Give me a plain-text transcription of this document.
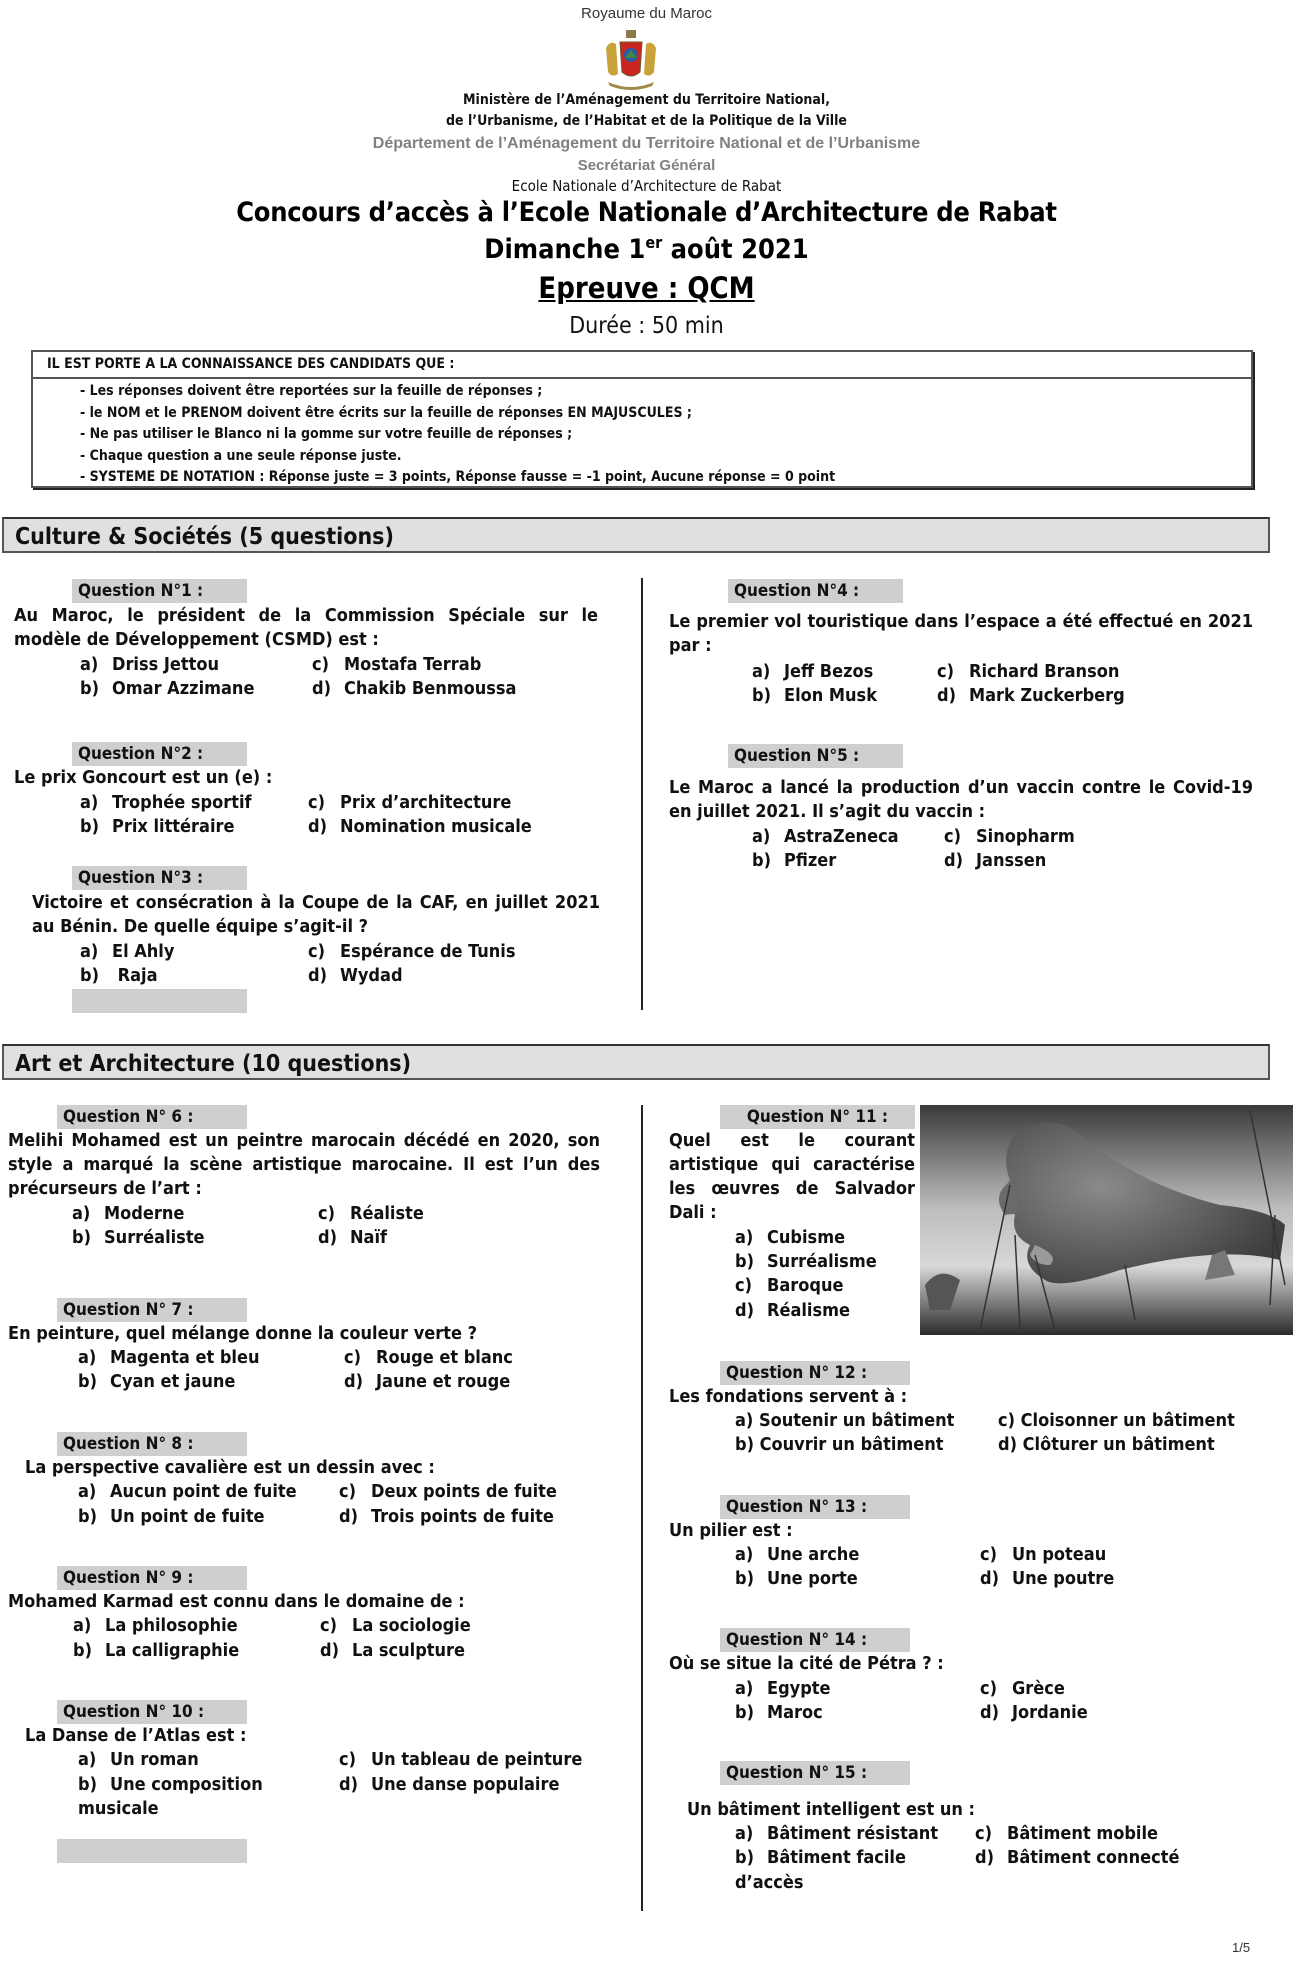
Royaume du Maroc
Ministère de l’Aménagement du Territoire National,
de l’Urbanisme, de l’Habitat et de la Politique de la Ville
Département de l’Aménagement du Territoire National et de l’Urbanisme
Secrétariat Général
Ecole Nationale d’Architecture de Rabat
Concours d’accès à l’Ecole Nationale d’Architecture de Rabat
Dimanche 1er août 2021
Epreuve : QCM
Durée : 50 min
IL EST PORTE A LA CONNAISSANCE DES CANDIDATS QUE :
- Les réponses doivent être reportées sur la feuille de réponses ;
- le NOM et le PRENOM doivent être écrits sur la feuille de réponses EN MAJUSCULES ;
- Ne pas utiliser le Blanco ni la gomme sur votre feuille de réponses ;
- Chaque question a une seule réponse juste.
- SYSTEME DE NOTATION : Réponse juste = 3 points, Réponse fausse = -1 point, Aucune réponse = 0 point
Culture & Sociétés (5 questions)
Question N°1 :
Au Maroc, le président de la Commission Spéciale sur le modèle de Développement (CSMD) est :
a) Driss Jettou
b) Omar Azzimane
c) Mostafa Terrab
d) Chakib Benmoussa
Question N°2 :
Le prix Goncourt est un (e) :
a) Trophée sportif
b) Prix littéraire
c) Prix d’architecture
d) Nomination musicale
Question N°3 :
Victoire et consécration à la Coupe de la CAF, en juillet 2021 au Bénin. De quelle équipe s’agit-il ?
a) El Ahly
b) Raja
c) Espérance de Tunis
d) Wydad
Question N°4 :
Le premier vol touristique dans l’espace a été effectué en 2021 par :
a) Jeff Bezos
b) Elon Musk
c) Richard Branson
d) Mark Zuckerberg
Question N°5 :
Le Maroc a lancé la production d’un vaccin contre le Covid-19 en juillet 2021. Il s’agit du vaccin :
a) AstraZeneca
b) Pfizer
c) Sinopharm
d) Janssen
Art et Architecture (10 questions)
Question N° 6 :
Melihi Mohamed est un peintre marocain décédé en 2020, son style a marqué la scène artistique marocaine. Il est l’un des précurseurs de l’art :
a) Moderne
b) Surréaliste
c) Réaliste
d) Naïf
Question N° 7 :
En peinture, quel mélange donne la couleur verte ?
a) Magenta et bleu
b) Cyan et jaune
c) Rouge et blanc
d) Jaune et rouge
Question N° 8 :
La perspective cavalière est un dessin avec :
a) Aucun point de fuite
b) Un point de fuite
c) Deux points de fuite
d) Trois points de fuite
Question N° 9 :
Mohamed Karmad est connu dans le domaine de :
a) La philosophie
b) La calligraphie
c) La sociologie
d) La sculpture
Question N° 10 :
La Danse de l’Atlas est :
a) Un roman
b) Une composition
musicale
c) Un tableau de peinture
d) Une danse populaire
Question N° 11 :
Quel est le courant
artistique qui caractérise
les œuvres de Salvador
Dali :
a) Cubisme
b) Surréalisme
c) Baroque
d) Réalisme
Question N° 12 :
Les fondations servent à :
a) Soutenir un bâtiment
b) Couvrir un bâtiment
c) Cloisonner un bâtiment
d) Clôturer un bâtiment
Question N° 13 :
Un pilier est :
a) Une arche
b) Une porte
c) Un poteau
d) Une poutre
Question N° 14 :
Où se situe la cité de Pétra ? :
a) Egypte
b) Maroc
c) Grèce
d) Jordanie
Question N° 15 :
Un bâtiment intelligent est un :
a) Bâtiment résistant
b) Bâtiment facile
d’accès
c) Bâtiment mobile
d) Bâtiment connecté
1/5
